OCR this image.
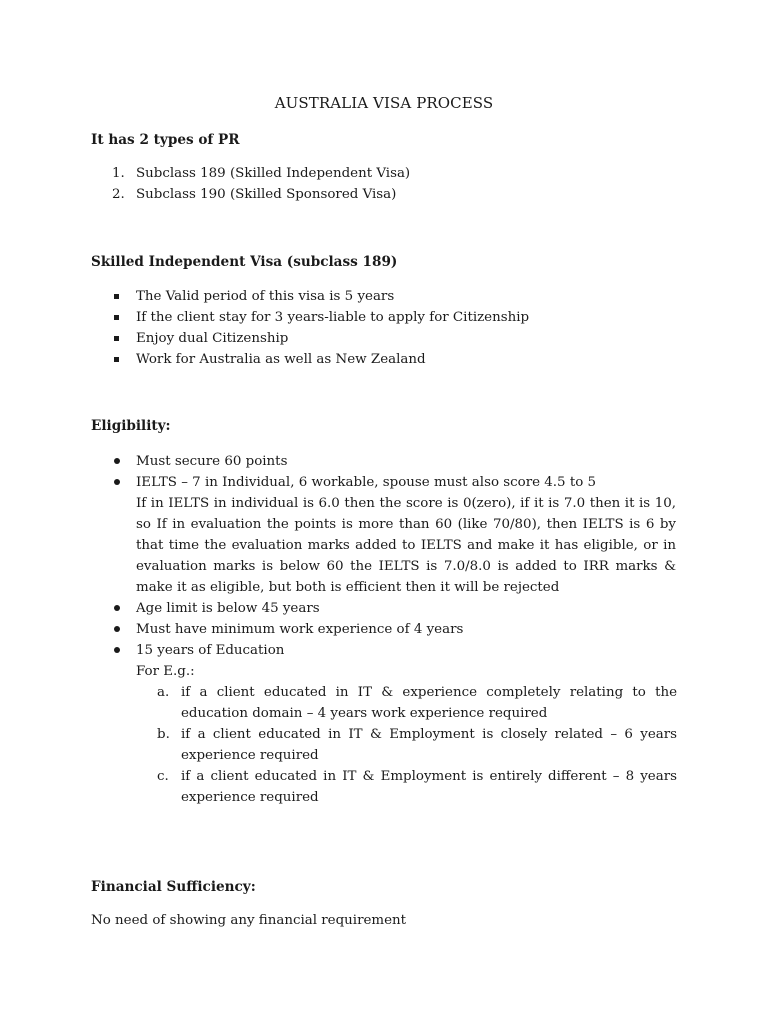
AUSTRALIA VISA PROCESS
It has 2 types of PR
1. Subclass 189 (Skilled Independent Visa)
2. Subclass 190 (Skilled Sponsored Visa)
Skilled Independent Visa (subclass 189)
The Valid period of this visa is 5 years
If the client stay for 3 years-liable to apply for Citizenship
Enjoy dual Citizenship
Work for Australia as well as New Zealand
Eligibility:
Must secure 60 points
IELTS – 7 in Individual, 6 workable, spouse must also score 4.5 to 5
If in IELTS in individual is 6.0 then the score is 0(zero), if it is 7.0 then it is 10, so If in evaluation the points is more than 60 (like 70/80), then IELTS is 6 by that time the evaluation marks added to IELTS and make it has eligible, or in evaluation marks is below 60 the IELTS is 7.0/8.0 is added to IRR marks & make it as eligible, but both is efficient then it will be rejected
Age limit is below 45 years
Must have minimum work experience of 4 years
15 years of Education
For E.g.:
a. if a client educated in IT & experience completely relating to the education domain – 4 years work experience required
b. if a client educated in IT & Employment is closely related – 6 years experience required
c. if a client educated in IT & Employment is entirely different – 8 years experience required
Financial Sufficiency:
No need of showing any financial requirement
